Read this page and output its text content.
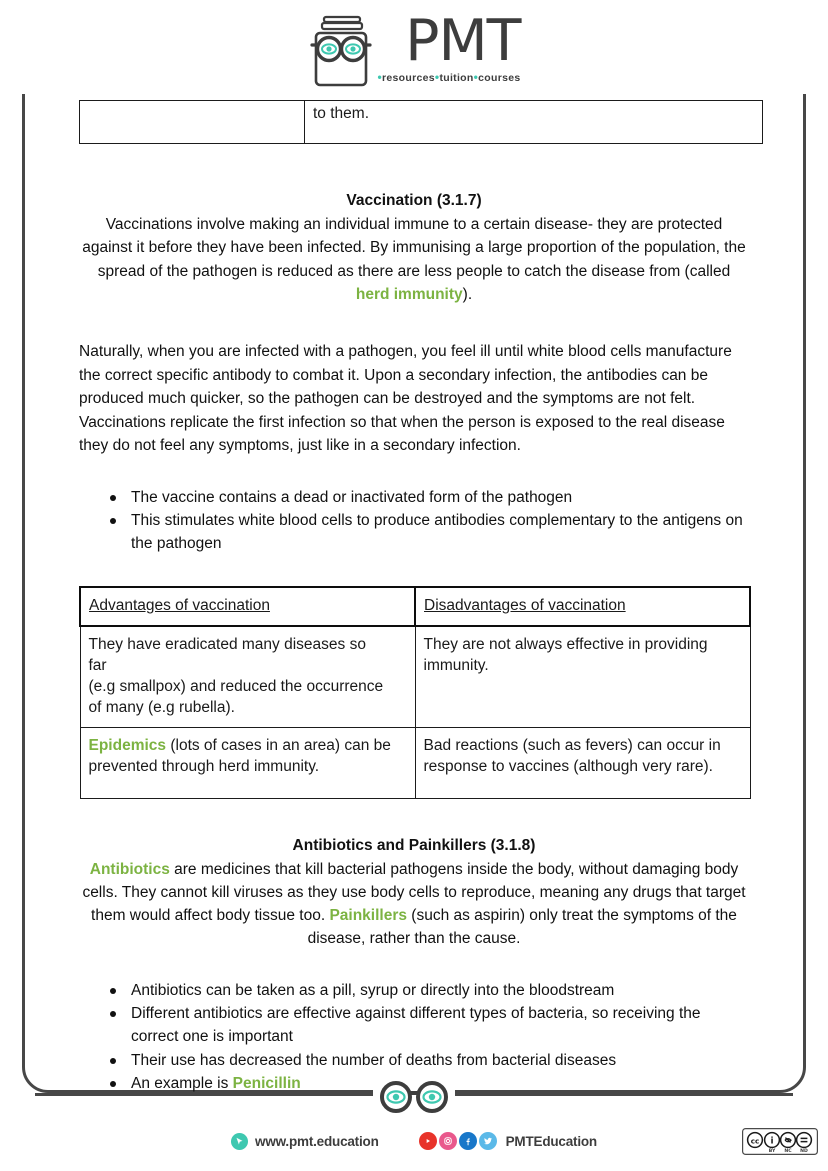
PMT
•resources•tuition•courses
	to them.
Vaccination (3.1.7)

Vaccinations involve making an individual immune to a certain disease- they are protected against it before they have been infected. By immunising a large proportion of the population, the spread of the pathogen is reduced as there are less people to catch the disease from (called herd immunity).

Naturally, when you are infected with a pathogen, you feel ill until white blood cells manufacture the correct specific antibody to combat it. Upon a secondary infection, the antibodies can be produced much quicker, so the pathogen can be destroyed and the symptoms are not felt. Vaccinations replicate the first infection so that when the person is exposed to the real disease they do not feel any symptoms, just like in a secondary infection.

The vaccine contains a dead or inactivated form of the pathogen
This stimulates white blood cells to produce antibodies complementary to the antigens on the pathogen
Advantages of vaccination	Disadvantages of vaccination
They have eradicated many diseases so
far
(e.g smallpox) and reduced the occurrence
of many (e.g rubella).	They are not always effective in providing immunity.
Epidemics (lots of cases in an area) can be prevented through herd immunity.	Bad reactions (such as fevers) can occur in response to vaccines (although very rare).
Antibiotics and Painkillers (3.1.8)

Antibiotics are medicines that kill bacterial pathogens inside the body, without damaging body cells. They cannot kill viruses as they use body cells to reproduce, meaning any drugs that target them would affect body tissue too. Painkillers (such as aspirin) only treat the symptoms of the disease, rather than the cause.

Antibiotics can be taken as a pill, syrup or directly into the bloodstream
Different antibiotics are effective against different types of bacteria, so receiving the correct one is important
Their use has decreased the number of deaths from bacterial diseases
An example is Penicillin
www.pmt.education	PMTEducation	cc i
BY NC ND
